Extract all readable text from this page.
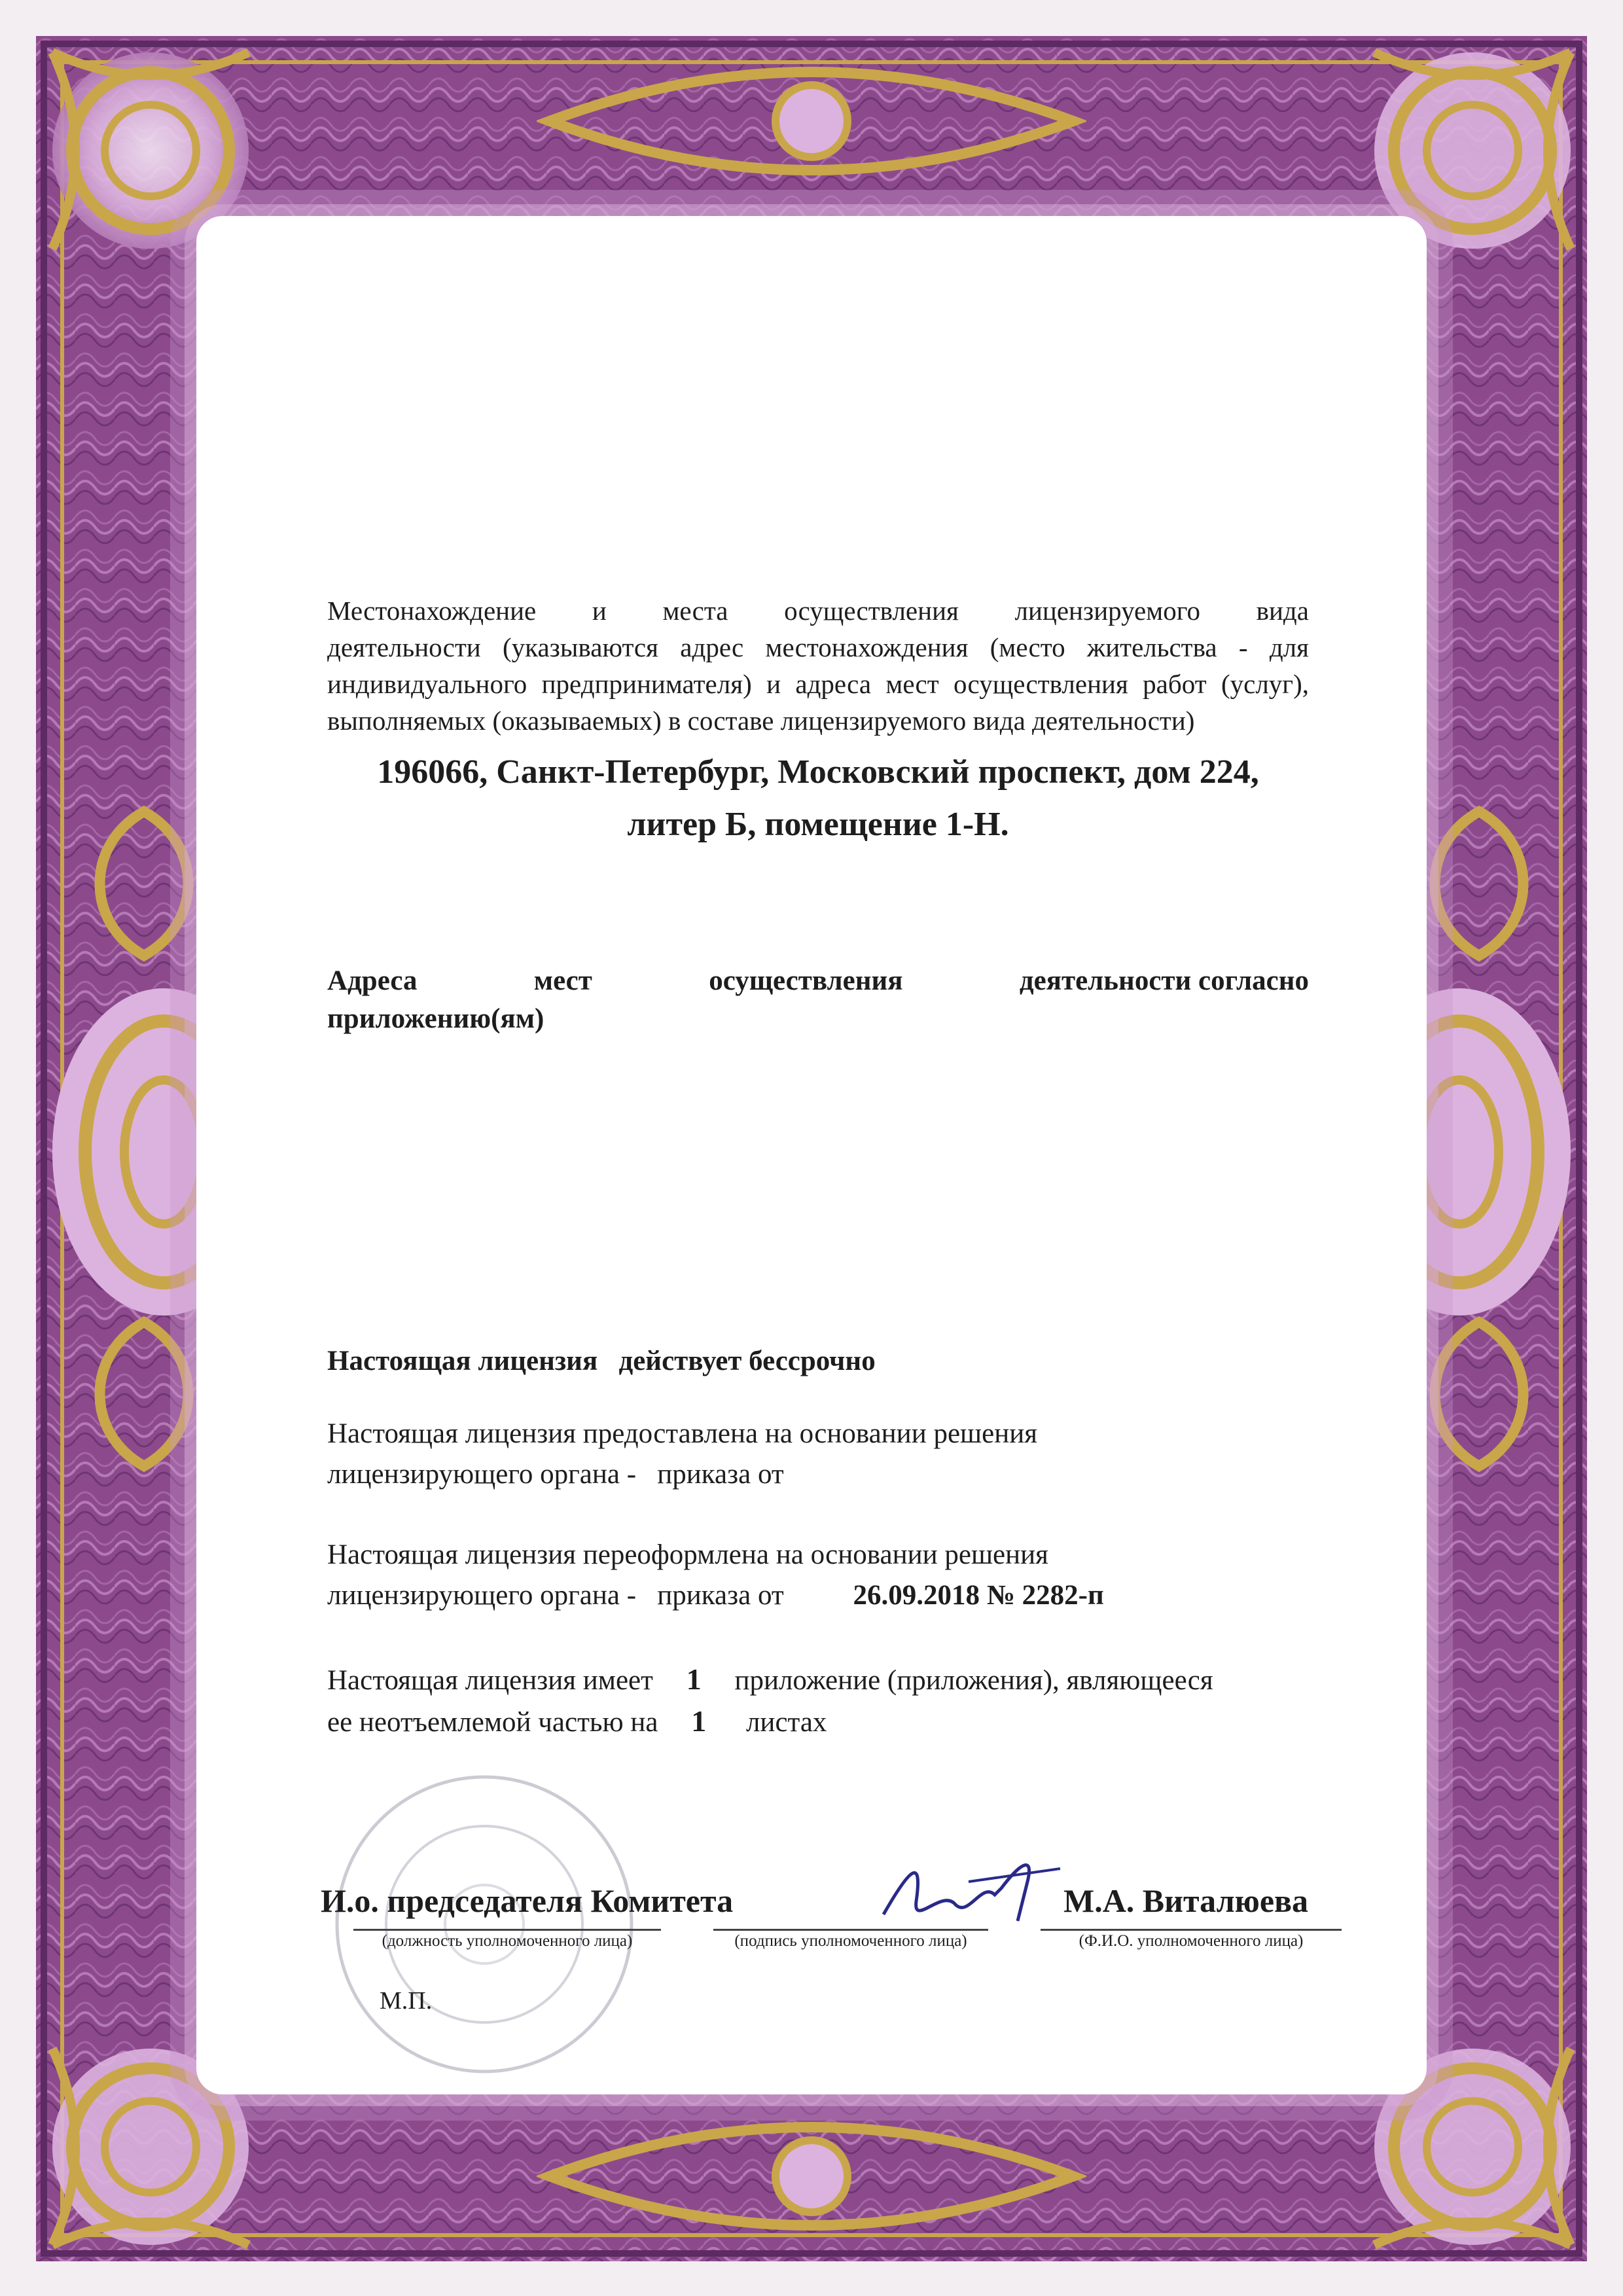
Местонахождение и места осуществления лицензируемого вида
деятельности (указываются адрес местонахождения (место жительства - для
индивидуального предпринимателя) и адреса мест осуществления работ (услуг),
выполняемых (оказываемых) в составе лицензируемого вида деятельности)
196066, Санкт-Петербург, Московский проспект, дом 224,
литер Б, помещение 1-Н.
Адреса	мест	осуществления	деятельности согласно
приложению(ям)
Настоящая лицензия   действует бессрочно
Настоящая лицензия предоставлена на основании решения
лицензирующего органа -   приказа от
Настоящая лицензия переоформлена на основании решения
лицензирующего органа -   приказа от 26.09.2018 № 2282-п
Настоящая лицензия имеет 1 приложение (приложения), являющееся
ее неотъемлемой частью на 1 листах
И.о. председателя Комитета	М.А. Виталюева
(должность уполномоченного лица)	(подпись уполномоченного лица)	(Ф.И.О. уполномоченного лица)
М.П.
